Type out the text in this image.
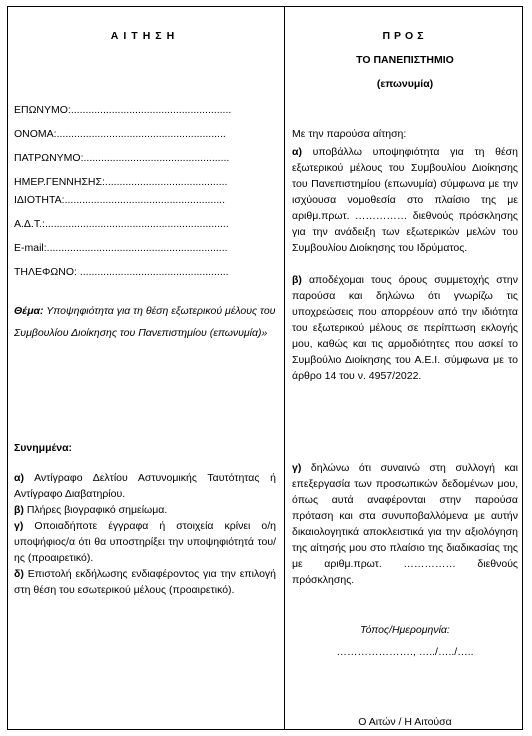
ΑΙΤΗΣΗ
ΕΠΩΝΥΜΟ:.......................................................
ΟΝΟΜΑ:..........................................................
ΠΑΤΡΩΝΥΜΟ:..................................................
ΗΜΕΡ.ΓΕΝΝΗΣΗΣ:..........................................
ΙΔΙΟΤΗΤΑ:.......................................................
Α.Δ.Τ.:...............................................................
E-mail:..............................................................
ΤΗΛΕΦΩΝΟ: ...................................................
Θέμα: Υποψηφιότητα για τη θέση εξωτερικού μέλους του Συμβουλίου Διοίκησης του Πανεπιστημίου (επωνυμία)»
Συνημμένα:
α) Αντίγραφο Δελτίου Αστυνομικής Ταυτότητας ή Αντίγραφο Διαβατηρίου.
β) Πλήρες βιογραφικό σημείωμα.
γ) Οποιαδήποτε έγγραφα ή στοιχεία κρίνει ο/η υποψήφιος/α ότι θα υποστηρίξει την υποψηφιότητά του/ης (προαιρετικό).
δ) Επιστολή εκδήλωσης ενδιαφέροντος για την επιλογή στη θέση του εσωτερικού μέλους (προαιρετικό).
ΠΡΟΣ
ΤΟ ΠΑΝΕΠΙΣΤΗΜΙΟ
(επωνυμία)
Με την παρούσα αίτηση:
α) υποβάλλω υποψηφιότητα για τη θέση εξωτερικού μέλους του Συμβουλίου Διοίκησης του Πανεπιστημίου (επωνυμία) σύμφωνα με την ισχύουσα νομοθεσία στο πλαίσιο της με αριθμ.πρωτ. …………… διεθνούς πρόσκλησης για την ανάδειξη των εξωτερικών μελών του Συμβουλίου Διοίκησης του Ιδρύματος.
β) αποδέχομαι τους όρους συμμετοχής στην παρούσα και δηλώνω ότι γνωρίζω τις υποχρεώσεις που απορρέουν από την ιδιότητα του εξωτερικού μέλους σε περίπτωση εκλογής μου, καθώς και τις αρμοδιότητες που ασκεί το Συμβούλιο Διοίκησης του Α.Ε.Ι. σύμφωνα με το άρθρο 14 του ν. 4957/2022.
γ) δηλώνω ότι συναινώ στη συλλογή και επεξεργασία των προσωπικών δεδομένων μου, όπως αυτά αναφέρονται στην παρούσα πρόταση και στα συνυποβαλλόμενα με αυτήν δικαιολογητικά αποκλειστικά για την αξιολόγηση της αίτησής μου στο πλαίσιο της διαδικασίας της με αριθμ.πρωτ. …………… διεθνούς πρόσκλησης.
Τόπος/Ημερομηνία:
…………………., …../…../…..
Ο Αιτών / Η Αιτούσα
